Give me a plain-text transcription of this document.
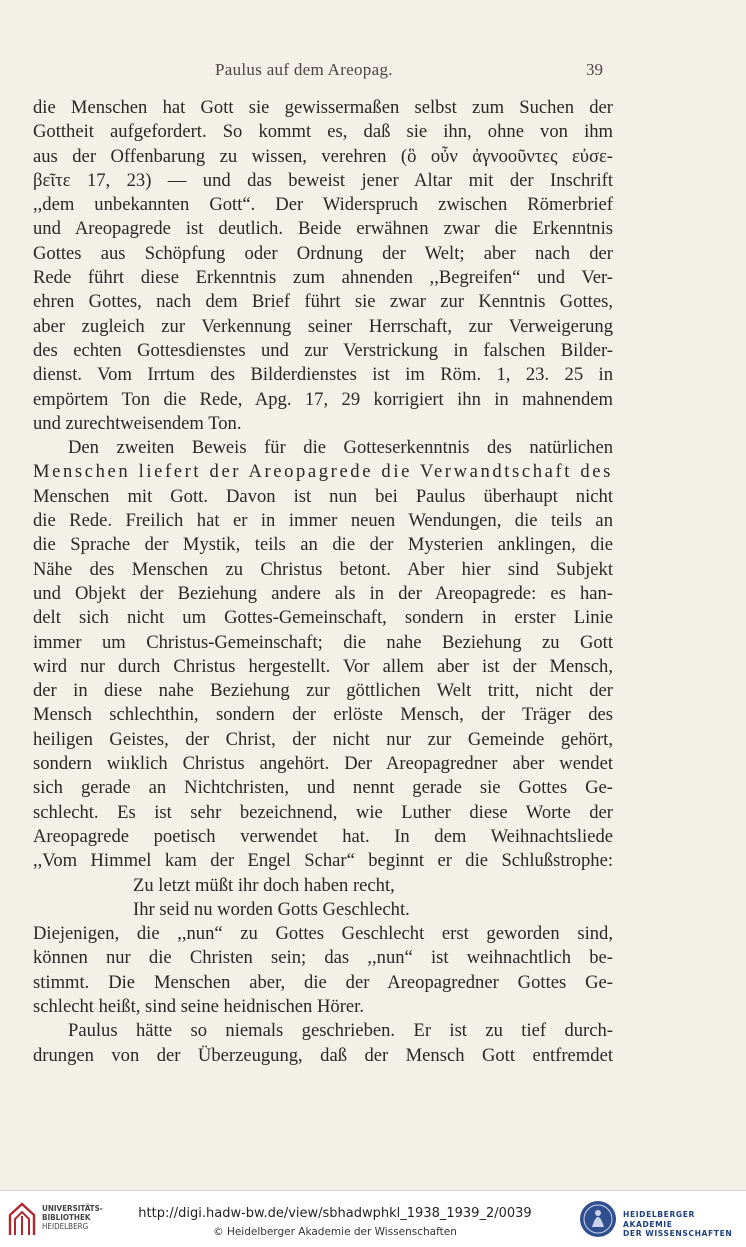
Paulus auf dem Areopag.	39
die Menschen hat Gott sie gewissermaßen selbst zum Suchen der
Gottheit aufgefordert. So kommt es, daß sie ihn, ohne von ihm
aus der Offenbarung zu wissen, verehren (ὃ οὖν ἀγνοοῦντες εὐσε-
βεῖτε 17, 23) — und das beweist jener Altar mit der Inschrift
,,dem unbekannten Gott“. Der Widerspruch zwischen Römerbrief
und Areopagrede ist deutlich. Beide erwähnen zwar die Erkenntnis
Gottes aus Schöpfung oder Ordnung der Welt; aber nach der
Rede führt diese Erkenntnis zum ahnenden ,,Begreifen“ und Ver-
ehren Gottes, nach dem Brief führt sie zwar zur Kenntnis Gottes,
aber zugleich zur Verkennung seiner Herrschaft, zur Verweigerung
des echten Gottesdienstes und zur Verstrickung in falschen Bilder-
dienst. Vom Irrtum des Bilderdienstes ist im Röm. 1, 23. 25 in
empörtem Ton die Rede, Apg. 17, 29 korrigiert ihn in mahnendem
und zurechtweisendem Ton.
Den zweiten Beweis für die Gotteserkenntnis des natürlichen
Menschen liefert der Areopagrede die Verwandtschaft des
Menschen mit Gott. Davon ist nun bei Paulus überhaupt nicht
die Rede. Freilich hat er in immer neuen Wendungen, die teils an
die Sprache der Mystik, teils an die der Mysterien anklingen, die
Nähe des Menschen zu Christus betont. Aber hier sind Subjekt
und Objekt der Beziehung andere als in der Areopagrede: es han-
delt sich nicht um Gottes-Gemeinschaft, sondern in erster Linie
immer um Christus-Gemeinschaft; die nahe Beziehung zu Gott
wird nur durch Christus hergestellt. Vor allem aber ist der Mensch,
der in diese nahe Beziehung zur göttlichen Welt tritt, nicht der
Mensch schlechthin, sondern der erlöste Mensch, der Träger des
heiligen Geistes, der Christ, der nicht nur zur Gemeinde gehört,
sondern wiıklich Christus angehört. Der Areopagredner aber wendet
sich gerade an Nichtchristen, und nennt gerade sie Gottes Ge-
schlecht. Es ist sehr bezeichnend, wie Luther diese Worte der
Areopagrede poetisch verwendet hat. In dem Weihnachtsliede
,,Vom Himmel kam der Engel Schar“ beginnt er die Schlußstrophe:
Zu letzt müßt ihr doch haben recht,
Ihr seid nu worden Gotts Geschlecht.
Diejenigen, die ,,nun“ zu Gottes Geschlecht erst geworden sind,
können nur die Christen sein; das ,,nun“ ist weihnachtlich be-
stimmt. Die Menschen aber, die der Areopagredner Gottes Ge-
schlecht heißt, sind seine heidnischen Hörer.
Paulus hätte so niemals geschrieben. Er ist zu tief durch-
drungen von der Überzeugung, daß der Mensch Gott entfremdet
UNIVERSITÄTS-
BIBLIOTHEK
HEIDELBERG
http://digi.hadw-bw.de/view/sbhadwphkl_1938_1939_2/0039
© Heidelberger Akademie der Wissenschaften
HEIDELBERGER AKADEMIE
DER WISSENSCHAFTEN
